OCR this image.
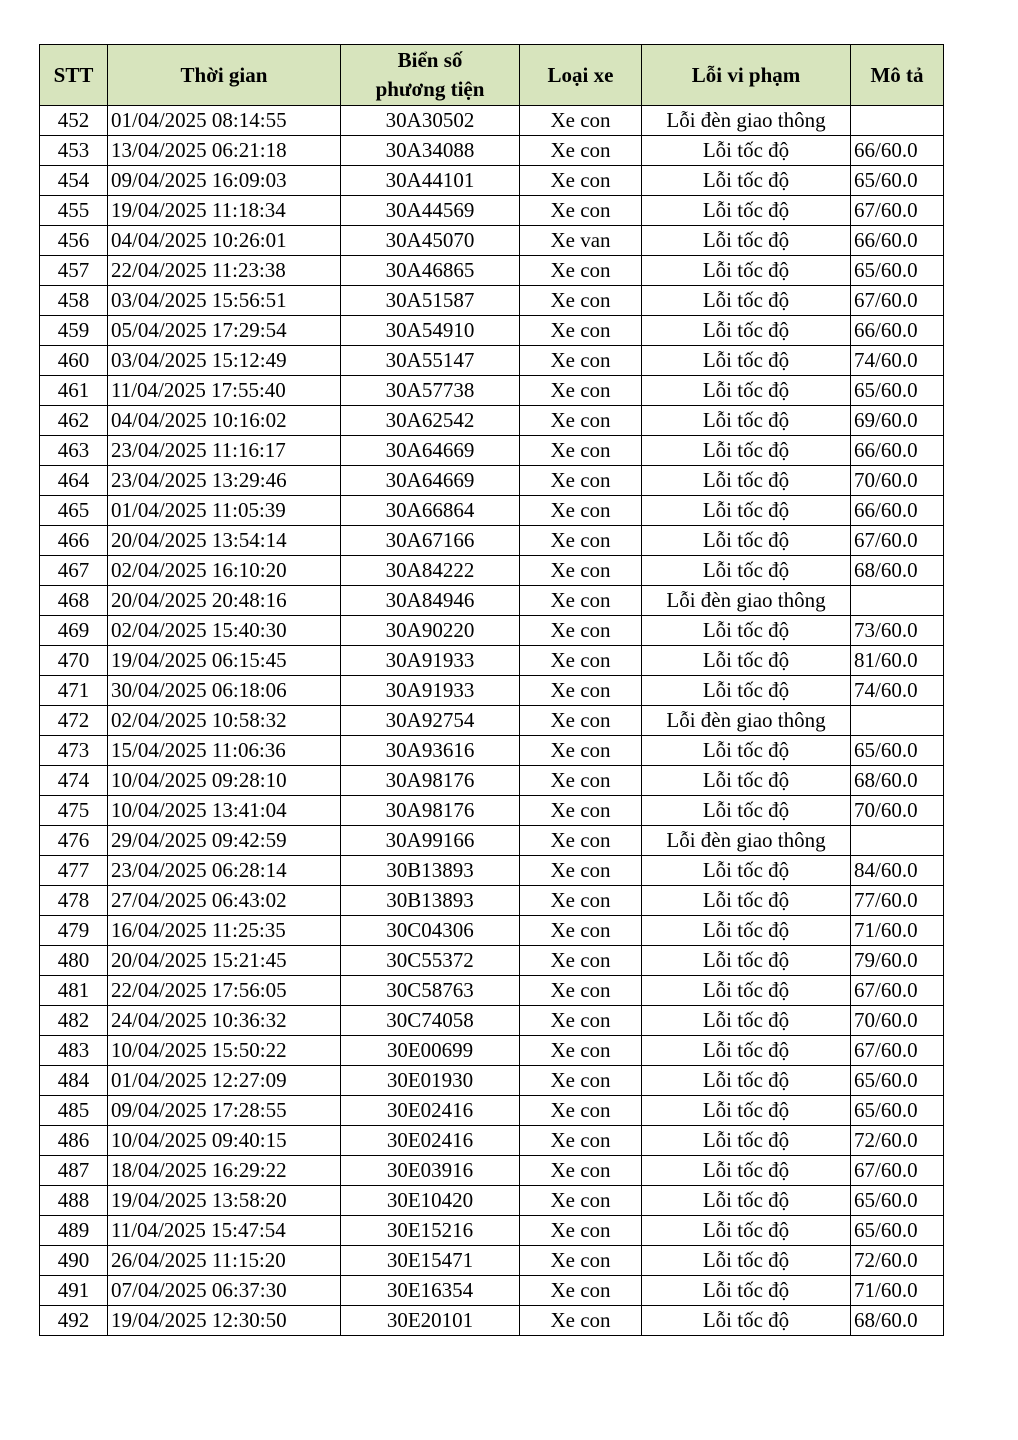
STT	Thời gian	Biển số
phương tiện	Loại xe	Lỗi vi phạm	Mô tả
452	01/04/2025 08:14:55	30A30502	Xe con	Lỗi đèn giao thông	
453	13/04/2025 06:21:18	30A34088	Xe con	Lỗi tốc độ	66/60.0
454	09/04/2025 16:09:03	30A44101	Xe con	Lỗi tốc độ	65/60.0
455	19/04/2025 11:18:34	30A44569	Xe con	Lỗi tốc độ	67/60.0
456	04/04/2025 10:26:01	30A45070	Xe van	Lỗi tốc độ	66/60.0
457	22/04/2025 11:23:38	30A46865	Xe con	Lỗi tốc độ	65/60.0
458	03/04/2025 15:56:51	30A51587	Xe con	Lỗi tốc độ	67/60.0
459	05/04/2025 17:29:54	30A54910	Xe con	Lỗi tốc độ	66/60.0
460	03/04/2025 15:12:49	30A55147	Xe con	Lỗi tốc độ	74/60.0
461	11/04/2025 17:55:40	30A57738	Xe con	Lỗi tốc độ	65/60.0
462	04/04/2025 10:16:02	30A62542	Xe con	Lỗi tốc độ	69/60.0
463	23/04/2025 11:16:17	30A64669	Xe con	Lỗi tốc độ	66/60.0
464	23/04/2025 13:29:46	30A64669	Xe con	Lỗi tốc độ	70/60.0
465	01/04/2025 11:05:39	30A66864	Xe con	Lỗi tốc độ	66/60.0
466	20/04/2025 13:54:14	30A67166	Xe con	Lỗi tốc độ	67/60.0
467	02/04/2025 16:10:20	30A84222	Xe con	Lỗi tốc độ	68/60.0
468	20/04/2025 20:48:16	30A84946	Xe con	Lỗi đèn giao thông	
469	02/04/2025 15:40:30	30A90220	Xe con	Lỗi tốc độ	73/60.0
470	19/04/2025 06:15:45	30A91933	Xe con	Lỗi tốc độ	81/60.0
471	30/04/2025 06:18:06	30A91933	Xe con	Lỗi tốc độ	74/60.0
472	02/04/2025 10:58:32	30A92754	Xe con	Lỗi đèn giao thông	
473	15/04/2025 11:06:36	30A93616	Xe con	Lỗi tốc độ	65/60.0
474	10/04/2025 09:28:10	30A98176	Xe con	Lỗi tốc độ	68/60.0
475	10/04/2025 13:41:04	30A98176	Xe con	Lỗi tốc độ	70/60.0
476	29/04/2025 09:42:59	30A99166	Xe con	Lỗi đèn giao thông	
477	23/04/2025 06:28:14	30B13893	Xe con	Lỗi tốc độ	84/60.0
478	27/04/2025 06:43:02	30B13893	Xe con	Lỗi tốc độ	77/60.0
479	16/04/2025 11:25:35	30C04306	Xe con	Lỗi tốc độ	71/60.0
480	20/04/2025 15:21:45	30C55372	Xe con	Lỗi tốc độ	79/60.0
481	22/04/2025 17:56:05	30C58763	Xe con	Lỗi tốc độ	67/60.0
482	24/04/2025 10:36:32	30C74058	Xe con	Lỗi tốc độ	70/60.0
483	10/04/2025 15:50:22	30E00699	Xe con	Lỗi tốc độ	67/60.0
484	01/04/2025 12:27:09	30E01930	Xe con	Lỗi tốc độ	65/60.0
485	09/04/2025 17:28:55	30E02416	Xe con	Lỗi tốc độ	65/60.0
486	10/04/2025 09:40:15	30E02416	Xe con	Lỗi tốc độ	72/60.0
487	18/04/2025 16:29:22	30E03916	Xe con	Lỗi tốc độ	67/60.0
488	19/04/2025 13:58:20	30E10420	Xe con	Lỗi tốc độ	65/60.0
489	11/04/2025 15:47:54	30E15216	Xe con	Lỗi tốc độ	65/60.0
490	26/04/2025 11:15:20	30E15471	Xe con	Lỗi tốc độ	72/60.0
491	07/04/2025 06:37:30	30E16354	Xe con	Lỗi tốc độ	71/60.0
492	19/04/2025 12:30:50	30E20101	Xe con	Lỗi tốc độ	68/60.0
